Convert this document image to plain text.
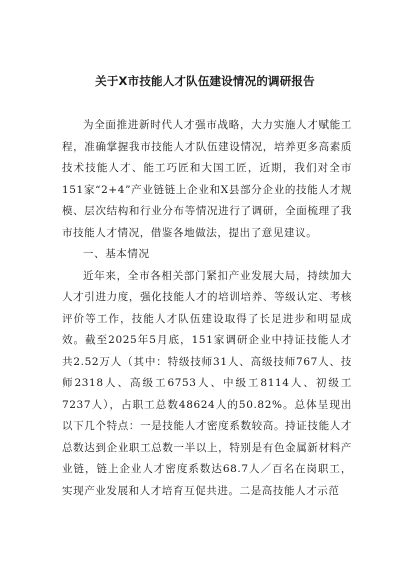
关于X市技能人才队伍建设情况的调研报告

为全面推进新时代人才强市战略，大力实施人才赋能工程，准确掌握我市技能人才队伍建设情况，培养更多高素质技术技能人才、能工巧匠和大国工匠，近期，我们对全市151家“2+4”产业链链上企业和X县部分企业的技能人才规模、层次结构和行业分布等情况进行了调研，全面梳理了我市技能人才情况，借鉴各地做法，提出了意见建议。

一、基本情况

近年来，全市各相关部门紧扣产业发展大局，持续加大人才引进力度，强化技能人才的培训培养、等级认定、考核评价等工作，技能人才队伍建设取得了长足进步和明显成效。截至2025年5月底，151家调研企业中持证技能人才共2.52万人（其中：特级技师31人、高级技师767人、技师2318人、高级工6753人、中级工8114人、初级工7237人），占职工总数48624人的50.82%。总体呈现出以下几个特点：一是技能人才密度系数较高。持证技能人才总数达到企业职工总数一半以上，特别是有色金属新材料产业链，链上企业人才密度系数达68.7人／百名在岗职工，实现产业发展和人才培育互促共进。二是高技能人才示范
